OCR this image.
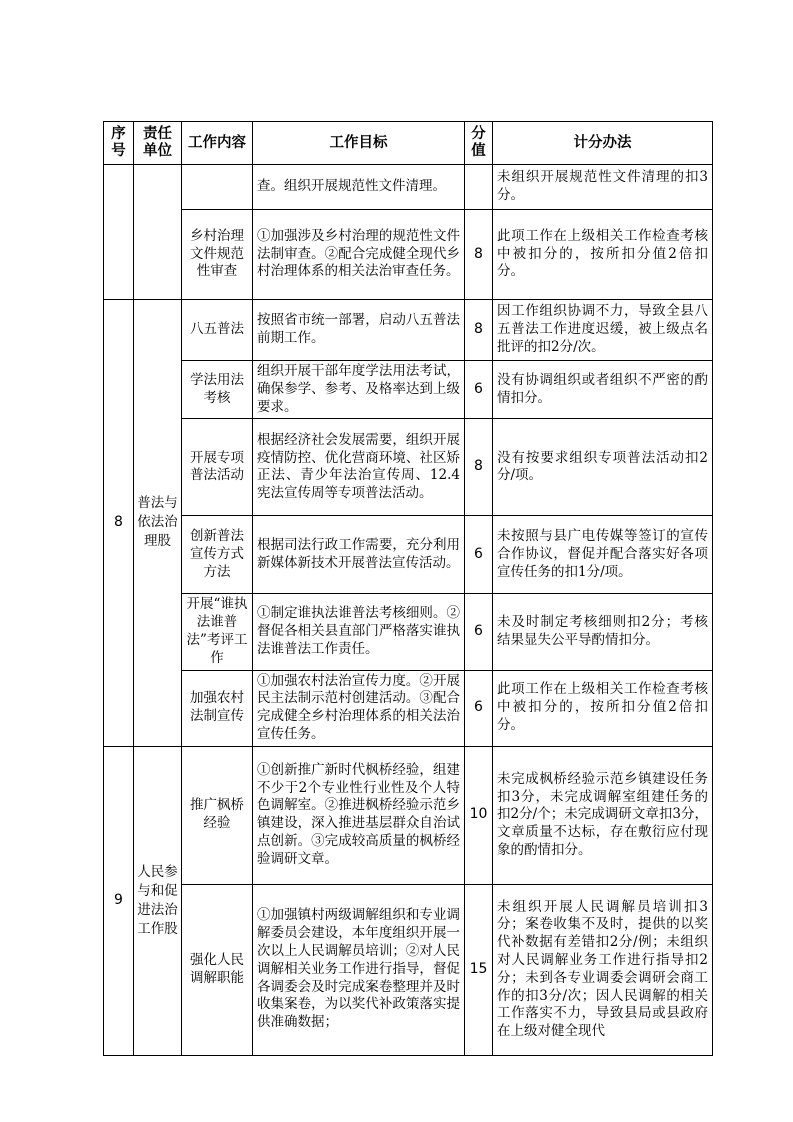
序号	责任单位	工作内容	工作目标	分值	计分办法
			查。组织开展规范性文件清理。		未组织开展规范性文件清理的扣3分。
		乡村治理文件规范性审查	①加强涉及乡村治理的规范性文件法制审查。②配合完成健全现代乡村治理体系的相关法治审查任务。	8	此项工作在上级相关工作检查考核中被扣分的，按所扣分值2倍扣分。
8	普法与依法治理股	八五普法	按照省市统一部署，启动八五普法前期工作。	8	因工作组织协调不力，导致全县八五普法工作进度迟缓，被上级点名批评的扣2分/次。
		学法用法考核	组织开展干部年度学法用法考试，确保参学、参考、及格率达到上级要求。	6	没有协调组织或者组织不严密的酌情扣分。
		开展专项普法活动	根据经济社会发展需要，组织开展疫情防控、优化营商环境、社区矫正法、青少年法治宣传周、12.4宪法宣传周等专项普法活动。	8	没有按要求组织专项普法活动扣2分/项。
		创新普法宣传方式方法	根据司法行政工作需要，充分利用新媒体新技术开展普法宣传活动。	6	未按照与县广电传媒等签订的宣传合作协议，督促并配合落实好各项宣传任务的扣1分/项。
		开展“谁执法谁普法”考评工作	①制定谁执法谁普法考核细则。②督促各相关县直部门严格落实谁执法谁普法工作责任。	6	未及时制定考核细则扣2分；考核结果显失公平导酌情扣分。
		加强农村法制宣传	①加强农村法治宣传力度。②开展民主法制示范村创建活动。③配合完成健全乡村治理体系的相关法治宣传任务。	6	此项工作在上级相关工作检查考核中被扣分的，按所扣分值2倍扣分。
9	人民参与和促进法治工作股	推广枫桥经验	①创新推广新时代枫桥经验，组建不少于2个专业性行业性及个人特色调解室。②推进枫桥经验示范乡镇建设，深入推进基层群众自治试点创新。③完成较高质量的枫桥经验调研文章。	10	未完成枫桥经验示范乡镇建设任务扣3分，未完成调解室组建任务的扣2分/个；未完成调研文章扣3分，文章质量不达标，存在敷衍应付现象的酌情扣分。
		强化人民调解职能	①加强镇村两级调解组织和专业调解委员会建设，本年度组织开展一次以上人民调解员培训；②对人民调解相关业务工作进行指导，督促各调委会及时完成案卷整理并及时收集案卷，为以奖代补政策落实提供准确数据；	15	未组织开展人民调解员培训扣3分；案卷收集不及时，提供的以奖代补数据有差错扣2分/例；未组织对人民调解业务工作进行指导扣2分；未到各专业调委会调研会商工作的扣3分/次；因人民调解的相关工作落实不力，导致县局或县政府在上级对健全现代
